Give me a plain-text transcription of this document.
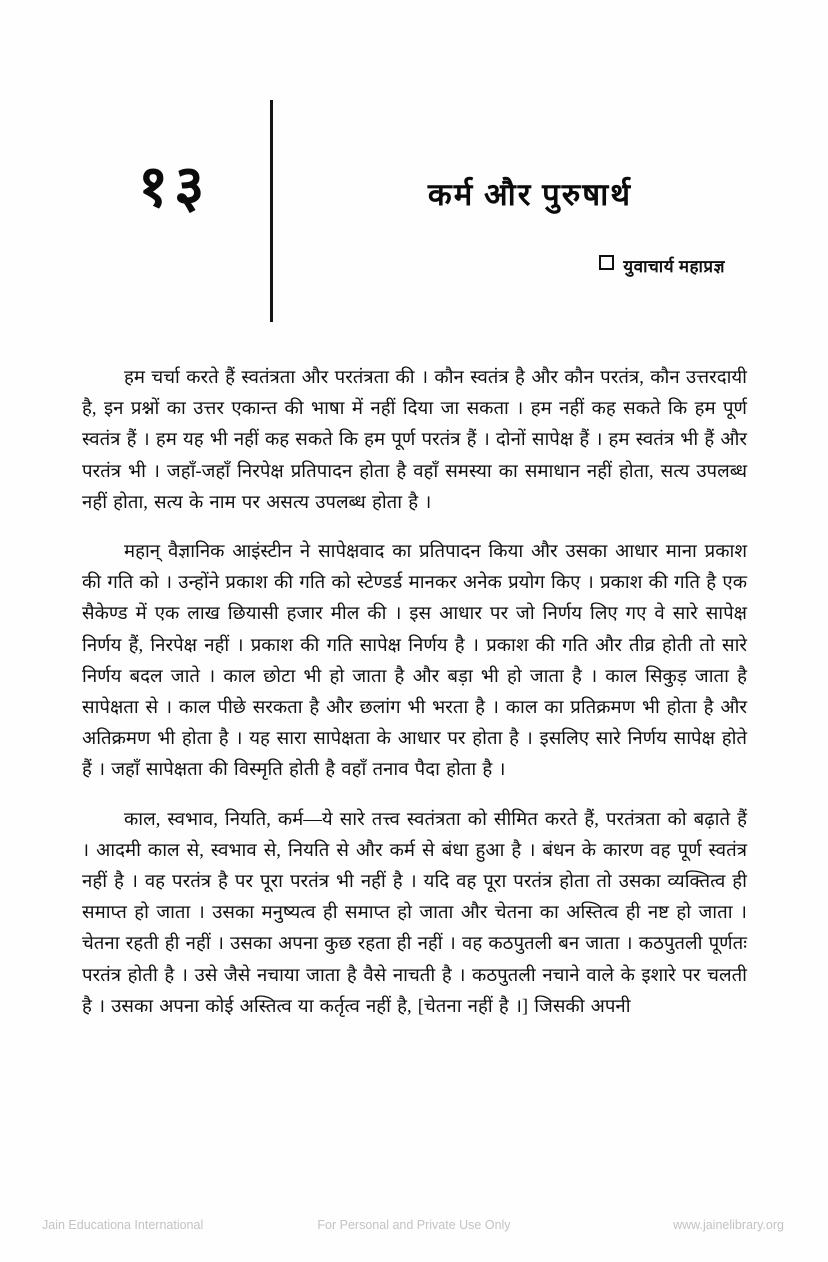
१३	कर्म और पुरुषार्थ
युवाचार्य महाप्रज्ञ

हम चर्चा करते हैं स्वतंत्रता और परतंत्रता की । कौन स्वतंत्र है और कौन परतंत्र, कौन उत्तरदायी है, इन प्रश्नों का उत्तर एकान्त की भाषा में नहीं दिया जा सकता । हम नहीं कह सकते कि हम पूर्ण स्वतंत्र हैं । हम यह भी नहीं कह सकते कि हम पूर्ण परतंत्र हैं । दोनों सापेक्ष हैं । हम स्वतंत्र भी हैं और परतंत्र भी । जहाँ-जहाँ निरपेक्ष प्रतिपादन होता है वहाँ समस्या का समाधान नहीं होता, सत्य उपलब्ध नहीं होता, सत्य के नाम पर असत्य उपलब्ध होता है ।

महान् वैज्ञानिक आइंस्टीन ने सापेक्षवाद का प्रतिपादन किया और उसका आधार माना प्रकाश की गति को । उन्होंने प्रकाश की गति को स्टेण्डर्ड मानकर अनेक प्रयोग किए । प्रकाश की गति है एक सैकेण्ड में एक लाख छियासी हजार मील की । इस आधार पर जो निर्णय लिए गए वे सारे सापेक्ष निर्णय हैं, निरपेक्ष नहीं । प्रकाश की गति सापेक्ष निर्णय है । प्रकाश की गति और तीव्र होती तो सारे निर्णय बदल जाते । काल छोटा भी हो जाता है और बड़ा भी हो जाता है । काल सिकुड़ जाता है सापेक्षता से । काल पीछे सरकता है और छलांग भी भरता है । काल का प्रतिक्रमण भी होता है और अतिक्रमण भी होता है । यह सारा सापेक्षता के आधार पर होता है । इसलिए सारे निर्णय सापेक्ष होते हैं । जहाँ सापेक्षता की विस्मृति होती है वहाँ तनाव पैदा होता है ।

काल, स्वभाव, नियति, कर्म—ये सारे तत्त्व स्वतंत्रता को सीमित करते हैं, परतंत्रता को बढ़ाते हैं । आदमी काल से, स्वभाव से, नियति से और कर्म से बंधा हुआ है । बंधन के कारण वह पूर्ण स्वतंत्र नहीं है । वह परतंत्र है पर पूरा परतंत्र भी नहीं है । यदि वह पूरा परतंत्र होता तो उसका व्यक्तित्व ही समाप्त हो जाता । उसका मनुष्यत्व ही समाप्त हो जाता और चेतना का अस्तित्व ही नष्ट हो जाता । चेतना रहती ही नहीं । उसका अपना कुछ रहता ही नहीं । वह कठपुतली बन जाता । कठपुतली पूर्णतः परतंत्र होती है । उसे जैसे नचाया जाता है वैसे नाचती है । कठपुतली नचाने वाले के इशारे पर चलती है । उसका अपना कोई अस्तित्व या कर्तृत्व नहीं है, [चेतना नहीं है ।] जिसकी अपनी

Jain Educationa International	For Personal and Private Use Only	www.jainelibrary.org
